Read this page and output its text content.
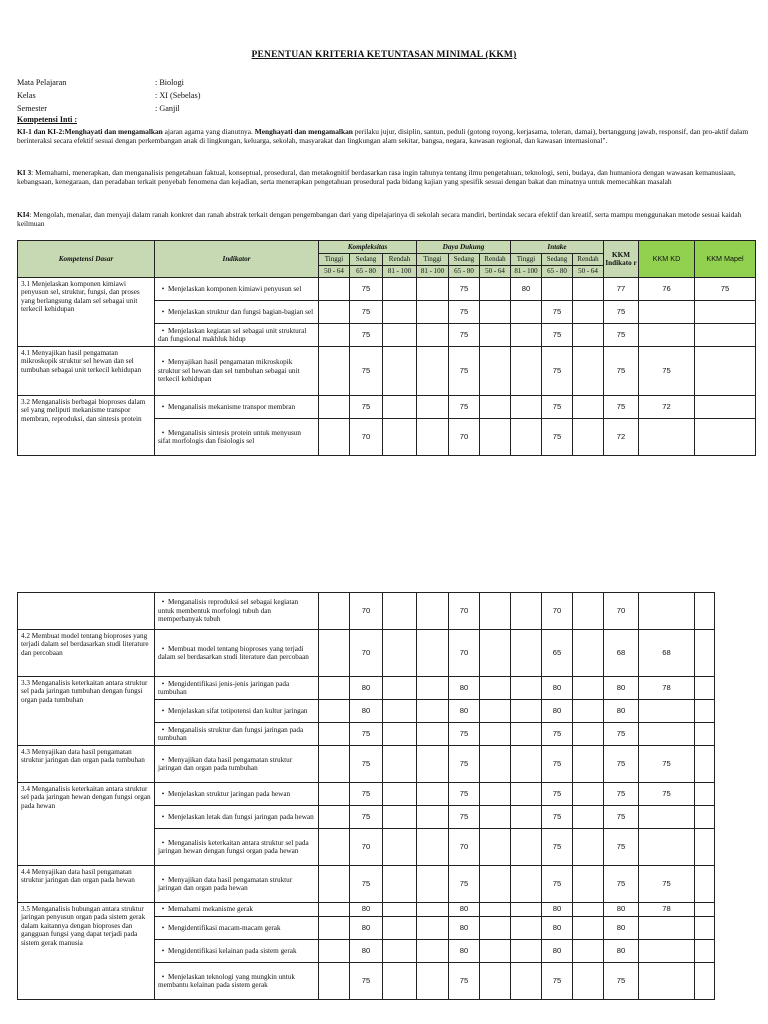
PENENTUAN KRITERIA KETUNTASAN MINIMAL (KKM)
Mata Pelajaran	: Biologi
Kelas	: XI (Sebelas)
Semester	: Ganjil
Kompetensi Inti :
KI-1 dan KI-2:Menghayati dan mengamalkan ajaran agama yang dianutnya. Menghayati dan mengamalkan perilaku jujur, disiplin, santun, peduli (gotong royong, kerjasama, toleran, damai), bertanggung jawab, responsif, dan pro-aktif dalam berinteraksi secara efektif sesuai dengan perkembangan anak di lingkungan, keluarga, sekolah, masyarakat dan lingkungan alam sekitar, bangsa, negara, kawasan regional, dan kawasan internasional".
KI 3: Memahami, menerapkan, dan menganalisis pengetahuan faktual, konseptual, prosedural, dan metakognitif berdasarkan rasa ingin tahunya tentang ilmu pengetahuan, teknologi, seni, budaya, dan humaniora dengan wawasan kemanusiaan, kebangsaan, kenegaraan, dan peradaban terkait penyebab fenomena dan kejadian, serta menerapkan pengetahuan prosedural pada bidang kajian yang spesifik sesuai dengan bakat dan minatnya untuk memecahkan masalah
KI4: Mengolah, menalar, dan menyaji dalam ranah konkret dan ranah abstrak terkait dengan pengembangan dari yang dipelajarinya di sekolah secara mandiri, bertindak secara efektif dan kreatif, serta mampu menggunakan metode sesuai kaidah keilmuan
Kompetensi Dasar	Indikator	Kompleksitas			Daya Dukung			Intake			KKM Indikato r	KKM KD	KKM Mapel
		Tinggi	Sedang	Rendah	Tinggi	Sedang	Rendah	Tinggi	Sedang	Rendah			
		50 - 64	65 - 80	81 - 100	81 - 100	65 - 80	50 - 64	81 - 100	65 - 80	50 - 64			
3.1 Menjelaskan komponen kimiawi penyusun sel, struktur, fungsi, dan proses yang berlangsung dalam sel sebagai unit terkecil kehidupan	• Menjelaskan komponen kimiawi penyusun sel		75			75		80			77	76	75
	• Menjelaskan struktur dan fungsi bagian-bagian sel		75			75			75		75		
	• Menjelaskan kegiatan sel sebagai unit struktural dan fungsional makhluk hidup		75			75			75		75		
4.1 Menyajikan hasil pengamatan mikroskopik struktur sel hewan dan sel tumbuhan sebagai unit terkecil kehidupan	• Menyajikan hasil pengamatan mikroskopik struktur sel hewan dan sel tumbuhan sebagai unit terkecil kehidupan		75			75			75		75	75	
3.2 Menganalisis berbagai bioproses dalam sel yang meliputi mekanisme transpor membran, reproduksi, dan sintesis protein	• Menganalisis mekanisme transpor membran		75			75			75		75	72	
	• Menganalisis sintesis protein untuk menyusun sifat morfologis dan fisiologis sel		70			70			75		72		
	• Menganalisis reproduksi sel sebagai kegiatan untuk membentuk morfologi tubuh dan memperbanyak tubuh		70			70			70		70		
4.2 Membuat model tentang bioproses yang terjadi dalam sel berdasarkan studi literature dan percobaan	• Membuat model tentang bioproses yang terjadi dalam sel berdasarkan studi literature dan percobaan		70			70			65		68	68	
3.3 Menganalisis keterkaitan antara struktur sel pada jaringan tumbuhan dengan fungsi organ pada tumbuhan	• Mengidentifikasi jenis-jenis jaringan pada tumbuhan		80			80			80		80	78	
	• Menjelaskan sifat totipotensi dan kultur jaringan		80			80			80		80		
	• Menganalisis struktur dan fungsi jaringan pada tumbuhan		75			75			75		75		
4.3 Menyajikan data hasil pengamatan struktur jaringan dan organ pada tumbuhan	• Menyajikan data hasil pengamatan struktur jaringan dan organ pada tumbuhan		75			75			75		75	75	
3.4 Menganalisis keterkaitan antara struktur sel pada jaringan hewan dengan fungsi organ pada hewan	• Menjelaskan struktur jaringan pada hewan		75			75			75		75	75	
	• Menjelaskan letak dan fungsi jaringan pada hewan		75			75			75		75		
	• Menganalisis keterkaitan antara struktur sel pada jaringan hewan dengan fungsi organ pada hewan		70			70			75		75		
4.4 Menyajikan data hasil pengamatan struktur jaringan dan organ pada hewan	• Menyajikan data hasil pengamatan struktur jaringan dan organ pada hewan		75			75			75		75	75	
3.5 Menganalisis hubungan antara struktur jaringan penyusun organ pada sistem gerak dalam kaitannya dengan bioproses dan gangguan fungsi yang dapat terjadi pada sistem gerak manusia	• Memahami mekanisme gerak		80			80			80		80	78	
	• Mengidentifikasi macam-macam gerak		80			80			80		80		
	• Mengidentifikasi kelainan pada sistem gerak		80			80			80		80		
	• Menjelaskan teknologi yang mungkin untuk membantu kelainan pada sistem gerak		75			75			75		75		
